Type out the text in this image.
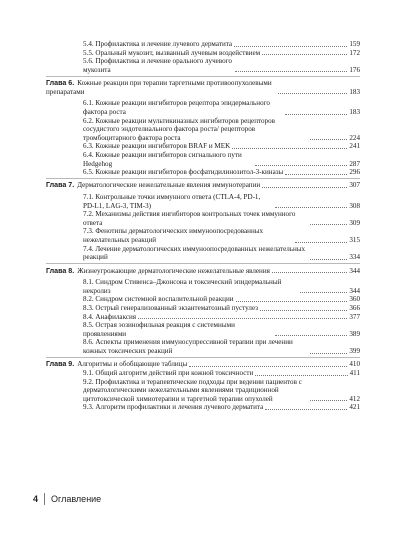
5.4. Профилактика и лечение лучевого дерматита	159
5.5. Оральный мукозит, вызванный лучевым воздействием	172
5.6. Профилактика и лечение орального лучевого мукозита	176
Глава 6. Кожные реакции при терапии таргетными противоопухолевыми препаратами	183
6.1. Кожные реакции ингибиторов рецептора эпидермального фактора роста	183
6.2. Кожные реакции мультикиназных ингибиторов рецепторов сосудистого эндотелиального фактора роста/ рецепторов тромбоцитарного фактора роста	224
6.3. Кожные реакции ингибиторов BRAF и MEK	241
6.4. Кожные реакции ингибиторов сигнального пути Hedgehog	287
6.5. Кожные реакции ингибиторов фосфатидилинозитол-3-киназы	296
Глава 7. Дерматологические нежелательные явления иммунотерапии	307
7.1. Контрольные точки иммунного ответа (CTLA-4, PD-1, PD-L1, LAG-3, TIM-3)	308
7.2. Механизмы действия ингибиторов контрольных точек иммунного ответа	309
7.3. Фенотипы дерматологических иммуноопосредованных нежелательных реакций	315
7.4. Лечение дерматологических иммуноопосредованных нежелательных реакций	334
Глава 8. Жизнеугрожающие дерматологические нежелательные явления	344
8.1. Синдром Стивенса–Джонсона и токсический эпидермальный некролиз	344
8.2. Синдром системной воспалительной реакции	360
8.3. Острый генерализованный экзантематозный пустулез	366
8.4. Анафилаксия	377
8.5. Острая эозинофильная реакция с системными проявлениями	389
8.6. Аспекты применения иммуносупрессивной терапии при лечении кожных токсических реакций	399
Глава 9. Алгоритмы и обобщающие таблицы	410
9.1. Общий алгоритм действий при кожной токсичности	411
9.2. Профилактика и терапевтические подходы при ведении пациентов с дерматологическими нежелательными явлениями традиционной цитотоксической химиотерапии и таргетной терапии опухолей	412
9.3. Алгоритм профилактики и лечения лучевого дерматита	421
4 Оглавление
